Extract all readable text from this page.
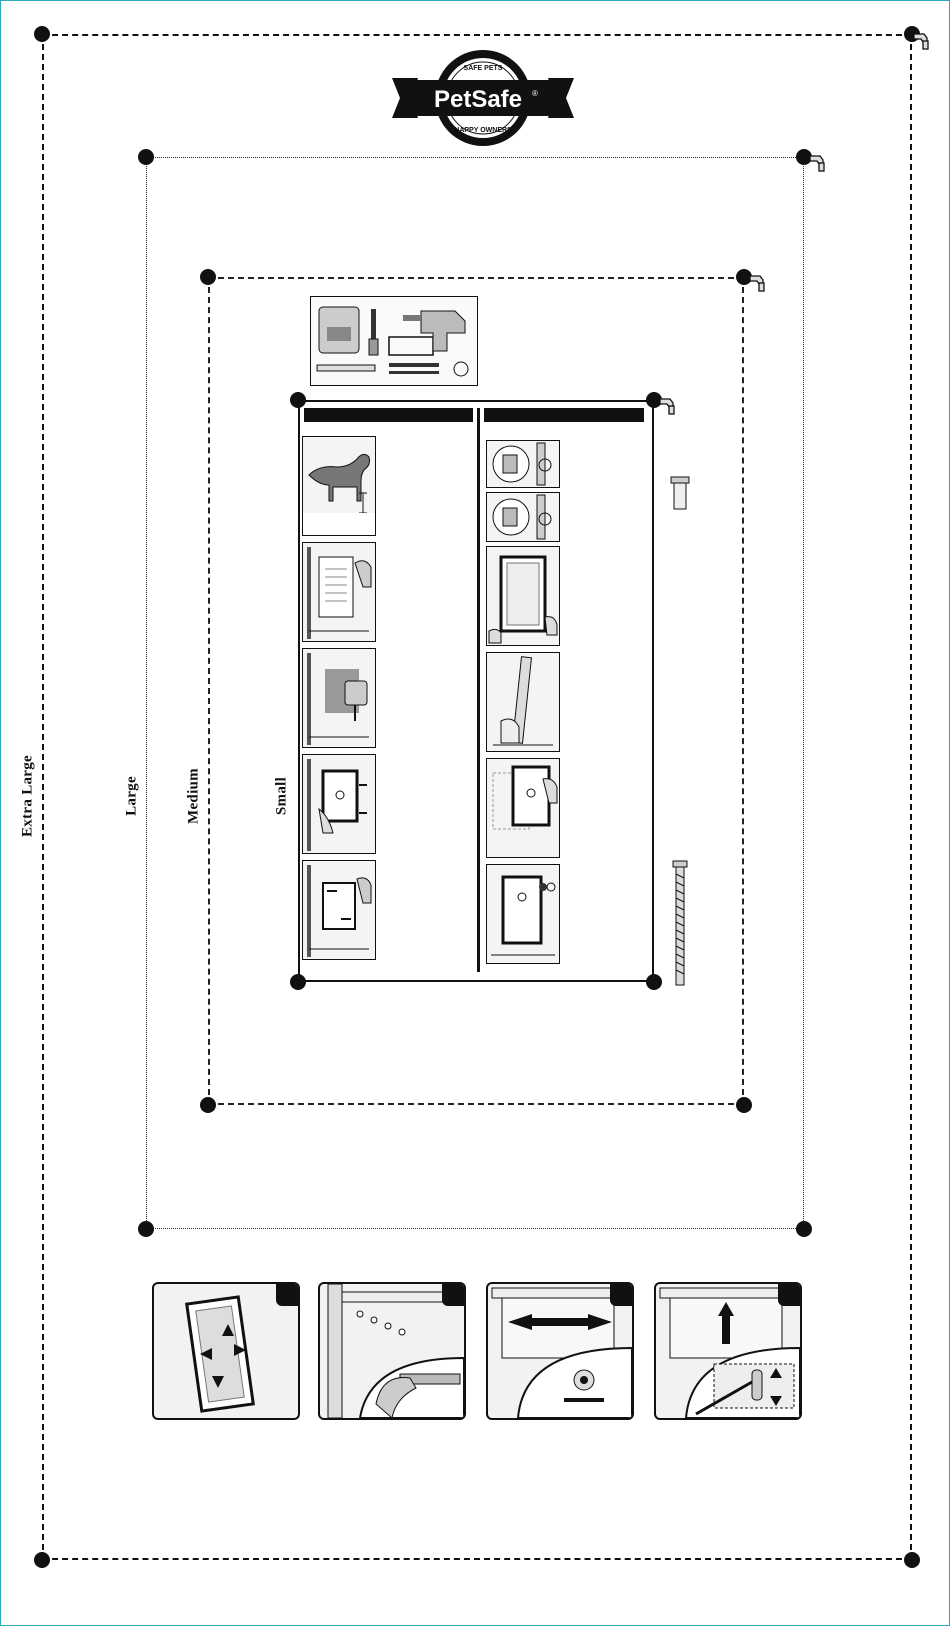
Extra Large	Large	Medium	Small
PetSafe ®
SAFE PETS
HAPPY OWNERS
